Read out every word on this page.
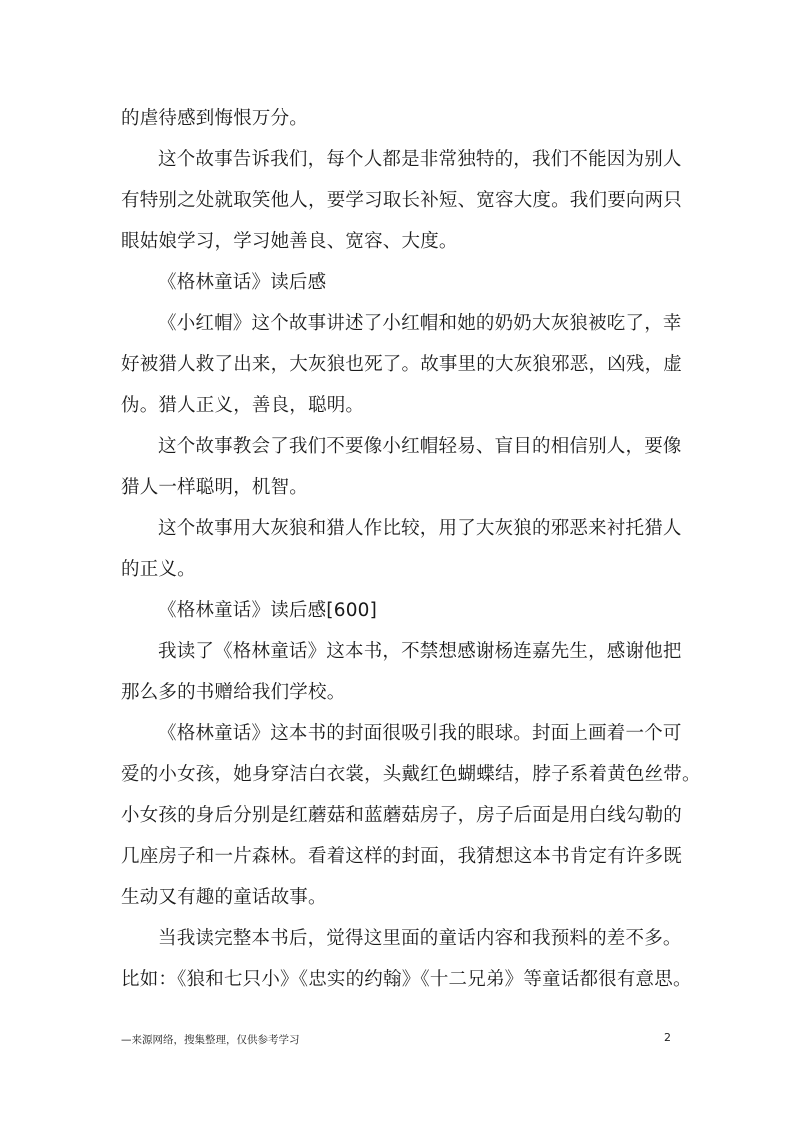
的虐待感到悔恨万分。
这个故事告诉我们，每个人都是非常独特的，我们不能因为别人
有特别之处就取笑他人，要学习取长补短、宽容大度。我们要向两只
眼姑娘学习，学习她善良、宽容、大度。
《格林童话》读后感
《小红帽》这个故事讲述了小红帽和她的奶奶大灰狼被吃了，幸
好被猎人救了出来，大灰狼也死了。故事里的大灰狼邪恶，凶残，虚
伪。猎人正义，善良，聪明。
这个故事教会了我们不要像小红帽轻易、盲目的相信别人，要像
猎人一样聪明，机智。
这个故事用大灰狼和猎人作比较，用了大灰狼的邪恶来衬托猎人
的正义。
《格林童话》读后感[600]
我读了《格林童话》这本书，不禁想感谢杨连嘉先生，感谢他把
那么多的书赠给我们学校。
《格林童话》这本书的封面很吸引我的眼球。封面上画着一个可
爱的小女孩，她身穿洁白衣裳，头戴红色蝴蝶结，脖子系着黄色丝带。
小女孩的身后分别是红蘑菇和蓝蘑菇房子，房子后面是用白线勾勒的
几座房子和一片森林。看着这样的封面，我猜想这本书肯定有许多既
生动又有趣的童话故事。
当我读完整本书后，觉得这里面的童话内容和我预料的差不多。
比如：《狼和七只小》《忠实的约翰》《十二兄弟》等童话都很有意思。
—来源网络，搜集整理，仅供参考学习	2
